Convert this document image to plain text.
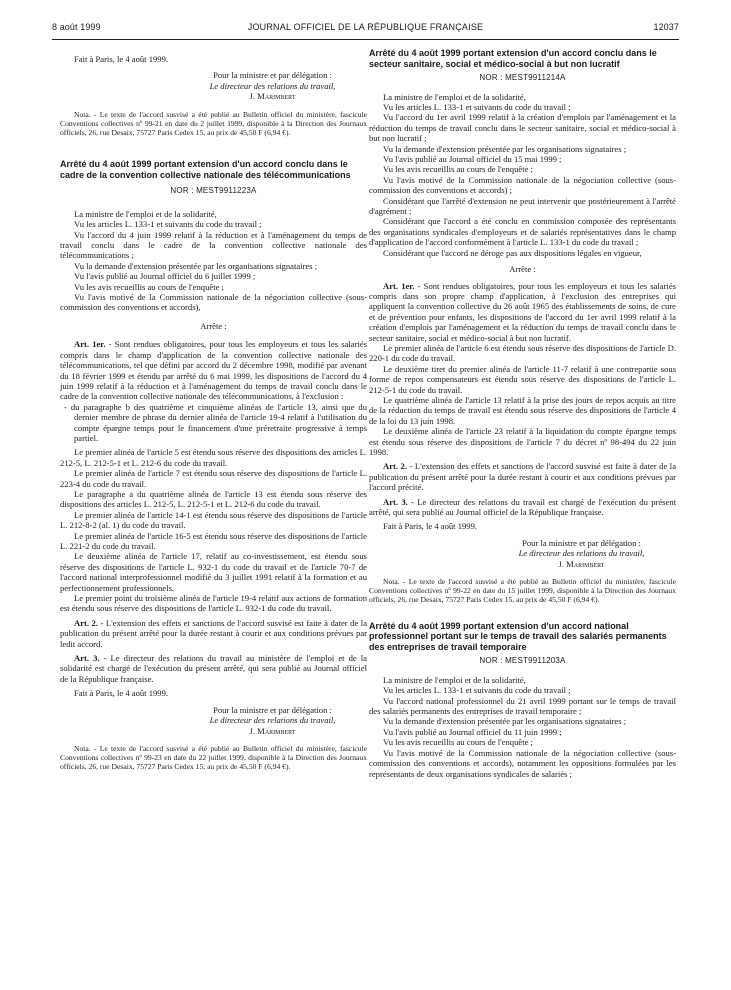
8 août 1999	JOURNAL OFFICIEL DE LA RÉPUBLIQUE FRANÇAISE	12037

Fait à Paris, le 4 août 1999.

Pour la ministre et par délégation :
Le directeur des relations du travail,
J. Marimbert

Nota. - Le texte de l'accord susvisé a été publié au Bulletin officiel du ministère, fascicule Conventions collectives nº 99-21 en date du 2 juillet 1999, disponible à la Direction des Journaux officiels, 26, rue Desaix, 75727 Paris Cedex 15, au prix de 45,50 F (6,94 €).

Arrêté du 4 août 1999 portant extension d'un accord conclu dans le cadre de la convention collective nationale des télécommunications

NOR : MESТ9911223A

La ministre de l'emploi et de la solidarité,

Vu les articles L. 133-1 et suivants du code du travail ;

Vu l'accord du 4 juin 1999 relatif à la réduction et à l'aménagement du temps de travail conclu dans le cadre de la convention collective nationale des télécommunications ;

Vu la demande d'extension présentée par les organisations signataires ;

Vu l'avis publié au Journal officiel du 6 juillet 1999 ;

Vu les avis recueillis au cours de l'enquête ;

Vu l'avis motivé de la Commission nationale de la négociation collective (sous-commission des conventions et accords),

Arrête :

Art. 1er. - Sont rendues obligatoires, pour tous les employeurs et tous les salariés compris dans le champ d'application de la convention collective nationale des télécommunications, tel que défini par accord du 2 décembre 1998, modifié par avenant du 18 février 1999 et étendu par arrêté du 6 mai 1999, les dispositions de l'accord du 4 juin 1999 relatif à la réduction et à l'aménagement du temps de travail conclu dans le cadre de la convention collective nationale des télécommunications, à l'exclusion :

- du paragraphe b des quatrième et cinquième alinéas de l'article 13, ainsi que du dernier membre de phrase du dernier alinéa de l'article 19-4 relatif à l'utilisation du compte épargne temps pour le financement d'une préretraite progressive à temps partiel.

Le premier alinéa de l'article 5 est étendu sous réserve des dispositions des articles L. 212-5, L. 212-5-1 et L. 212-6 du code du travail.

Le premier alinéa de l'article 7 est étendu sous réserve des dispositions de l'article L. 223-4 du code du travail.

Le paragraphe a du quatrième alinéa de l'article 13 est étendu sous réserve des dispositions des articles L. 212-5, L. 212-5-1 et L. 212-6 du code du travail.

Le premier alinéa de l'article 14-1 est étendu sous réserve des dispositions de l'article L. 212-8-2 (al. 1) du code du travail.

Le premier alinéa de l'article 16-5 est étendu sous réserve des dispositions de l'article L. 221-2 du code du travail.

Le deuxième alinéa de l'article 17, relatif au co-investissement, est étendu sous réserve des dispositions de l'article L. 932-1 du code du travail et de l'article 70-7 de l'accord national interprofessionnel modifié du 3 juillet 1991 relatif à la formation et au perfectionnement professionnels.

Le premier point du troisième alinéa de l'article 19-4 relatif aux actions de formation est étendu sous réserve des dispositions de l'article L. 932-1 du code du travail.

Art. 2. - L'extension des effets et sanctions de l'accord susvisé est faite à dater de la publication du présent arrêté pour la durée restant à courir et aux conditions prévues par ledit accord.

Art. 3. - Le directeur des relations du travail au ministère de l'emploi et de la solidarité est chargé de l'exécution du présent arrêté, qui sera publié au Journal officiel de la République française.

Fait à Paris, le 4 août 1999.

Pour la ministre et par délégation :
Le directeur des relations du travail,
J. Marimbert

Nota. - Le texte de l'accord susvisé a été publié au Bulletin officiel du ministère, fascicule Conventions collectives nº 99-23 en date du 22 juillet 1999, disponible à la Direction des Journaux officiels, 26, rue Desaix, 75727 Paris Cedex 15, au prix de 45,50 F (6,94 €).

Arrêté du 4 août 1999 portant extension d'un accord conclu dans le secteur sanitaire, social et médico-social à but non lucratif

NOR : MEST9911214A

La ministre de l'emploi et de la solidarité,

Vu les articles L. 133-1 et suivants du code du travail ;

Vu l'accord du 1er avril 1999 relatif à la création d'emplois par l'aménagement et la réduction du temps de travail conclu dans le secteur sanitaire, social et médico-social à but non lucratif ;

Vu la demande d'extension présentée par les organisations signataires ;

Vu l'avis publié au Journal officiel du 15 mai 1999 ;

Vu les avis recueillis au cours de l'enquête ;

Vu l'avis motivé de la Commission nationale de la négociation collective (sous-commission des conventions et accords) ;

Considérant que l'arrêté d'extension ne peut intervenir que postérieurement à l'arrêté d'agrément ;

Considérant que l'accord a été conclu en commission composée des représentants des organisations syndicales d'employeurs et de salariés représentatives dans le champ d'application de l'accord conformément à l'article L. 133-1 du code du travail ;

Considérant que l'accord ne déroge pas aux dispositions légales en vigueur,

Arrête :

Art. 1er. - Sont rendues obligatoires, pour tous les employeurs et tous les salariés compris dans son propre champ d'application, à l'exclusion des entreprises qui appliquent la convention collective du 26 août 1965 des établissements de soins, de cure et de prévention pour enfants, les dispositions de l'accord du 1er avril 1999 relatif à la création d'emplois par l'aménagement et la réduction du temps de travail conclu dans le secteur sanitaire, social et médico-social à but non lucratif.

Le premier alinéa de l'article 6 est étendu sous réserve des dispositions de l'article D. 220-1 du code du travail.

Le deuxième tiret du premier alinéa de l'article 11-7 relatif à une contrepartie sous forme de repos compensateurs est étendu sous réserve des dispositions de l'article L. 212-5-1 du code du travail.

Le quatrième alinéa de l'article 13 relatif à la prise des jours de repos acquis au titre de la réduction du temps de travail est étendu sous réserve des dispositions de l'article 4 de la loi du 13 juin 1998.

Le deuxième alinéa de l'article 23 relatif à la liquidation du compte épargne temps est étendu sous réserve des dispositions de l'article 7 du décret nº 98-494 du 22 juin 1998.

Art. 2. - L'extension des effets et sanctions de l'accord susvisé est faite à dater de la publication du présent arrêté pour la durée restant à courir et aux conditions prévues par l'accord précité.

Art. 3. - Le directeur des relations du travail est chargé de l'exécution du présent arrêté, qui sera publié au Journal officiel de la République française.

Fait à Paris, le 4 août 1999.

Pour la ministre et par délégation :
Le directeur des relations du travail,
J. Marimbert

Nota. - Le texte de l'accord susvisé a été publié au Bulletin officiel du ministère, fascicule Conventions collectives nº 99-22 en date du 15 juillet 1999, disponible à la Direction des Journaux officiels, 26, rue Desaix, 75727 Paris Cedex 15, au prix de 45,50 F (6,94 €).

Arrêté du 4 août 1999 portant extension d'un accord national professionnel portant sur le temps de travail des salariés permanents des entreprises de travail temporaire

NOR : MEST9911203A

La ministre de l'emploi et de la solidarité,

Vu les articles L. 133-1 et suivants du code du travail ;

Vu l'accord national professionnel du 21 avril 1999 portant sur le temps de travail des salariés permanents des entreprises de travail temporaire ;

Vu la demande d'extension présentée par les organisations signataires ;

Vu l'avis publié au Journal officiel du 11 juin 1999 ;

Vu les avis recueillis au cours de l'enquête ;

Vu l'avis motivé de la Commission nationale de la négociation collective (sous-commission des conventions et accords), notamment les oppositions formulées par les représentants de deux organisations syndicales de salariés ;
